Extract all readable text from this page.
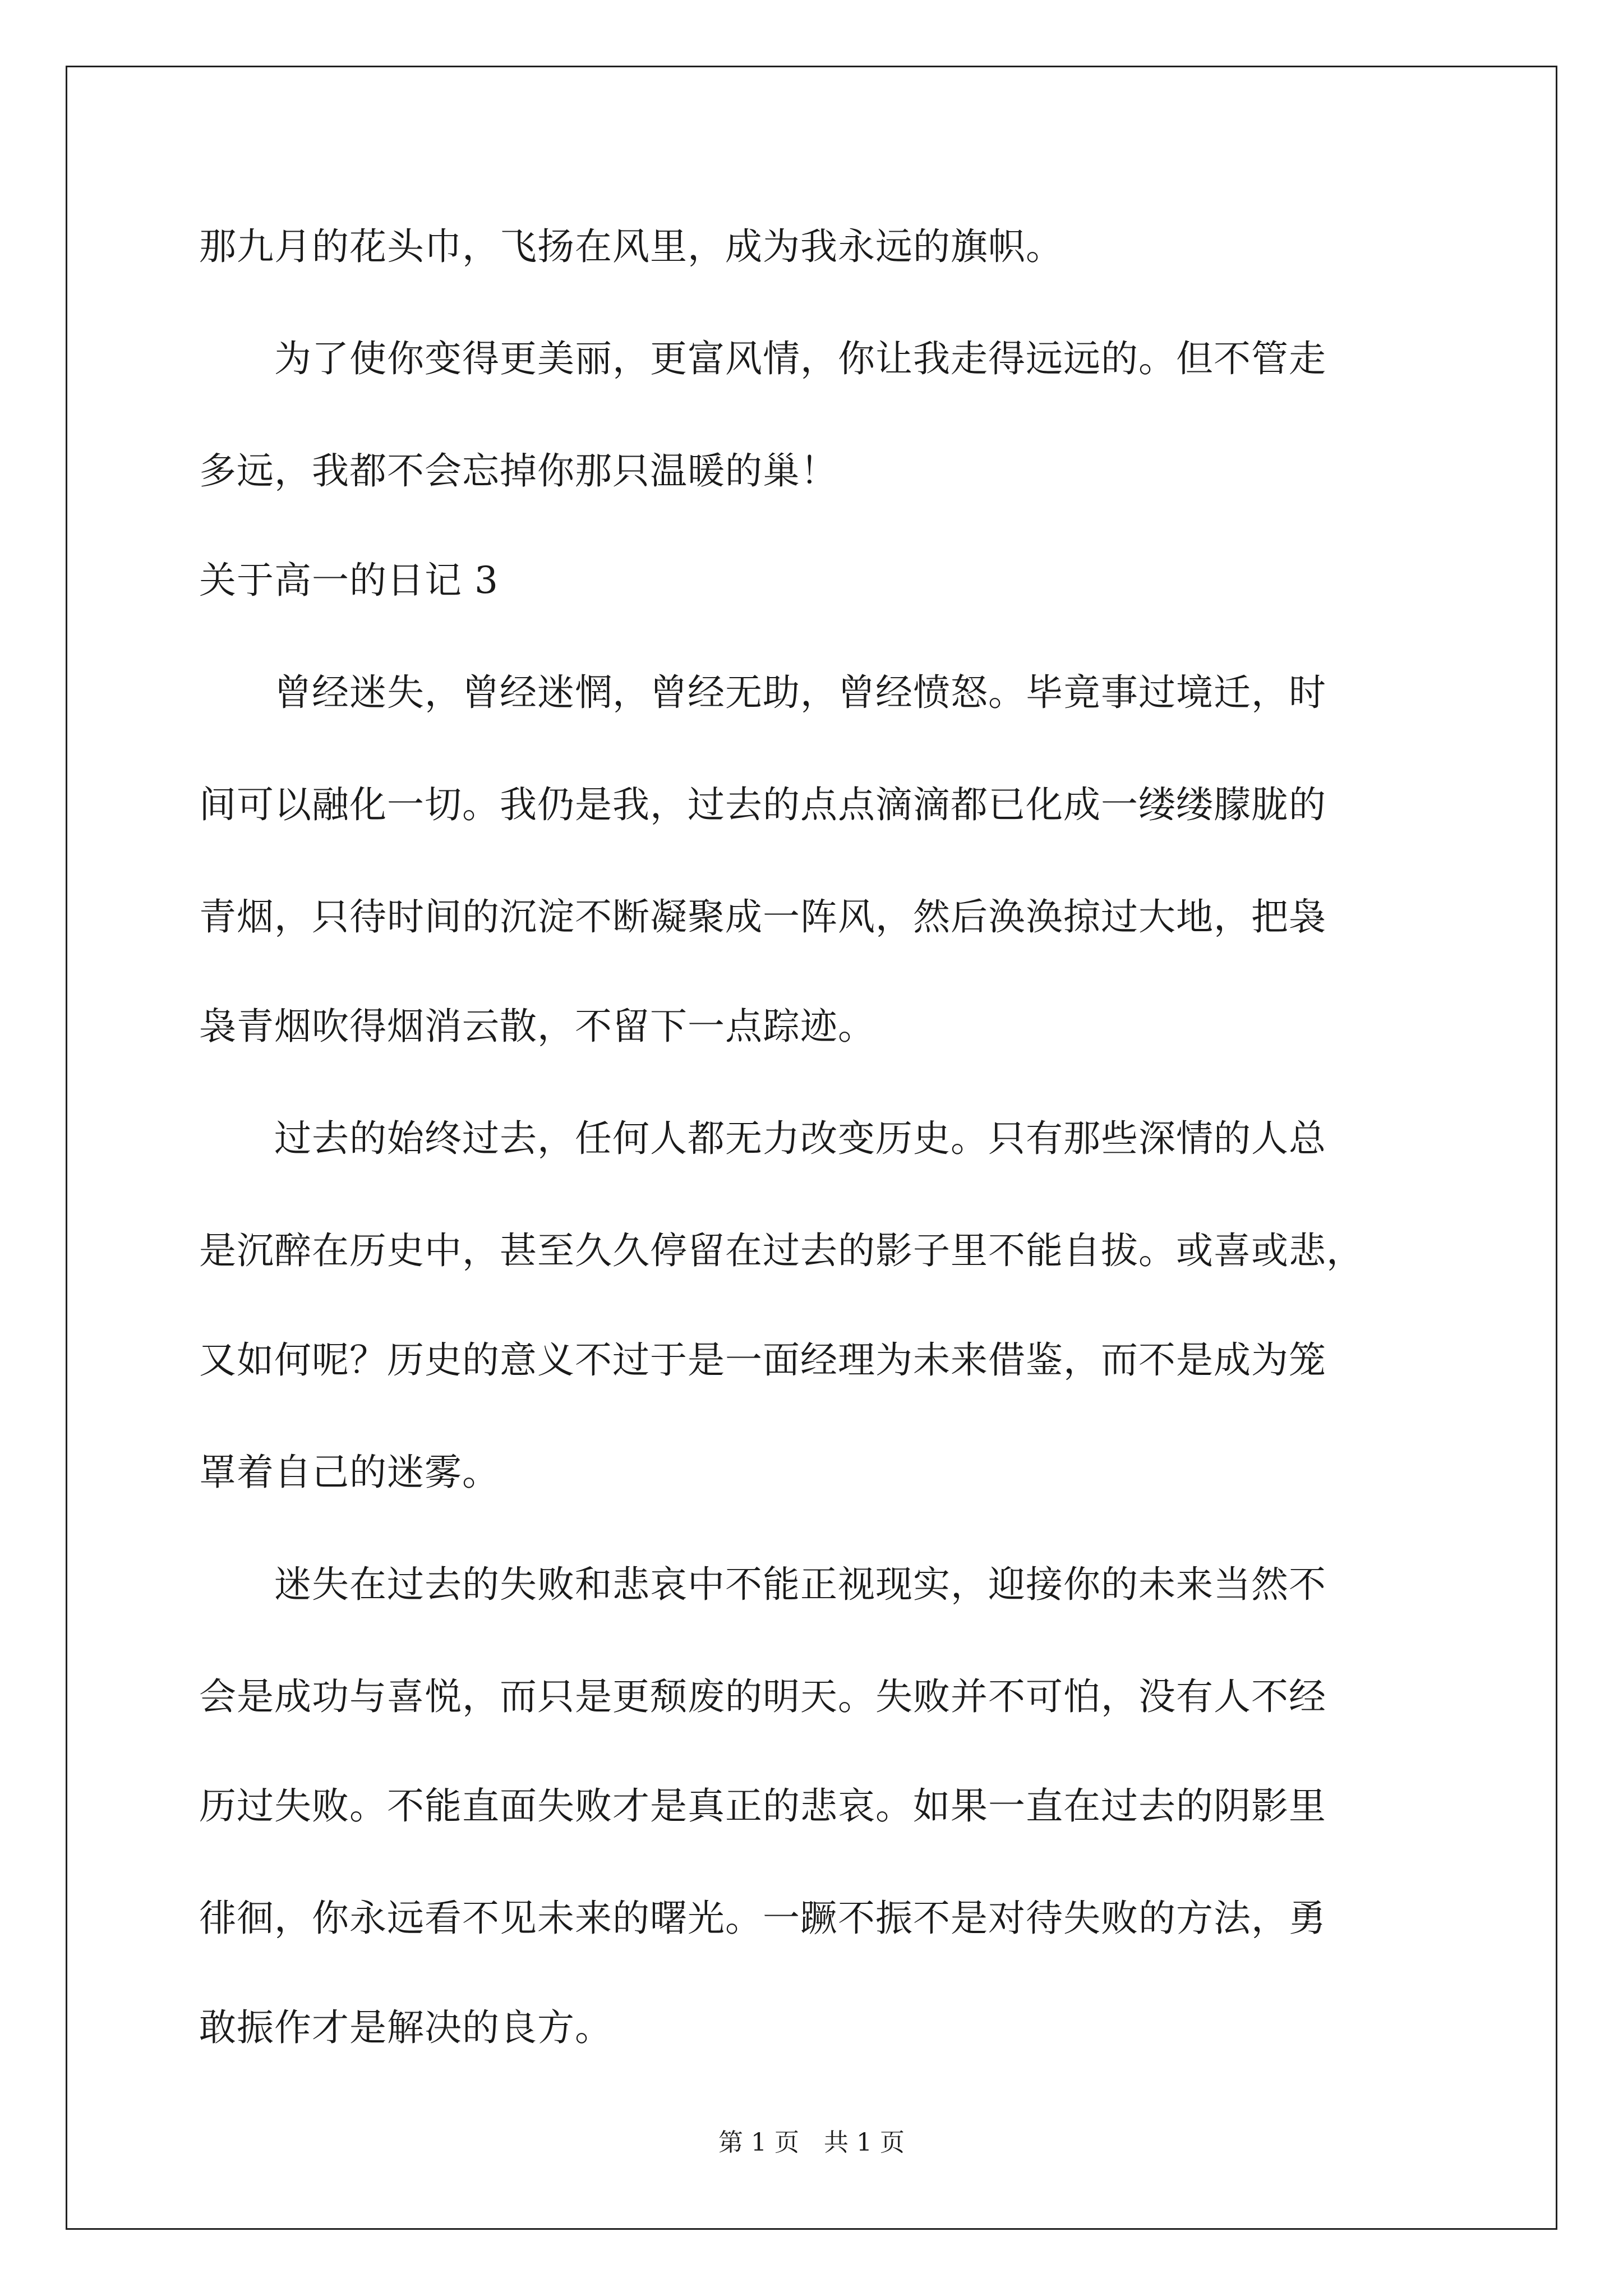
那九月的花头巾，飞扬在风里，成为我永远的旗帜。
　　为了使你变得更美丽，更富风情，你让我走得远远的。但不管走
多远，我都不会忘掉你那只温暖的巢！
关于高一的日记 3
　　曾经迷失，曾经迷惘，曾经无助，曾经愤怒。毕竟事过境迁，时
间可以融化一切。我仍是我，过去的点点滴滴都已化成一缕缕朦胧的
青烟，只待时间的沉淀不断凝聚成一阵风，然后涣涣掠过大地，把袅
袅青烟吹得烟消云散，不留下一点踪迹。
　　过去的始终过去，任何人都无力改变历史。只有那些深情的人总
是沉醉在历史中，甚至久久停留在过去的影子里不能自拔。或喜或悲，
又如何呢？历史的意义不过于是一面经理为未来借鉴，而不是成为笼
罩着自己的迷雾。
　　迷失在过去的失败和悲哀中不能正视现实，迎接你的未来当然不
会是成功与喜悦，而只是更颓废的明天。失败并不可怕，没有人不经
历过失败。不能直面失败才是真正的悲哀。如果一直在过去的阴影里
徘徊，你永远看不见未来的曙光。一蹶不振不是对待失败的方法，勇
敢振作才是解决的良方。
第 1 页　共 1 页
